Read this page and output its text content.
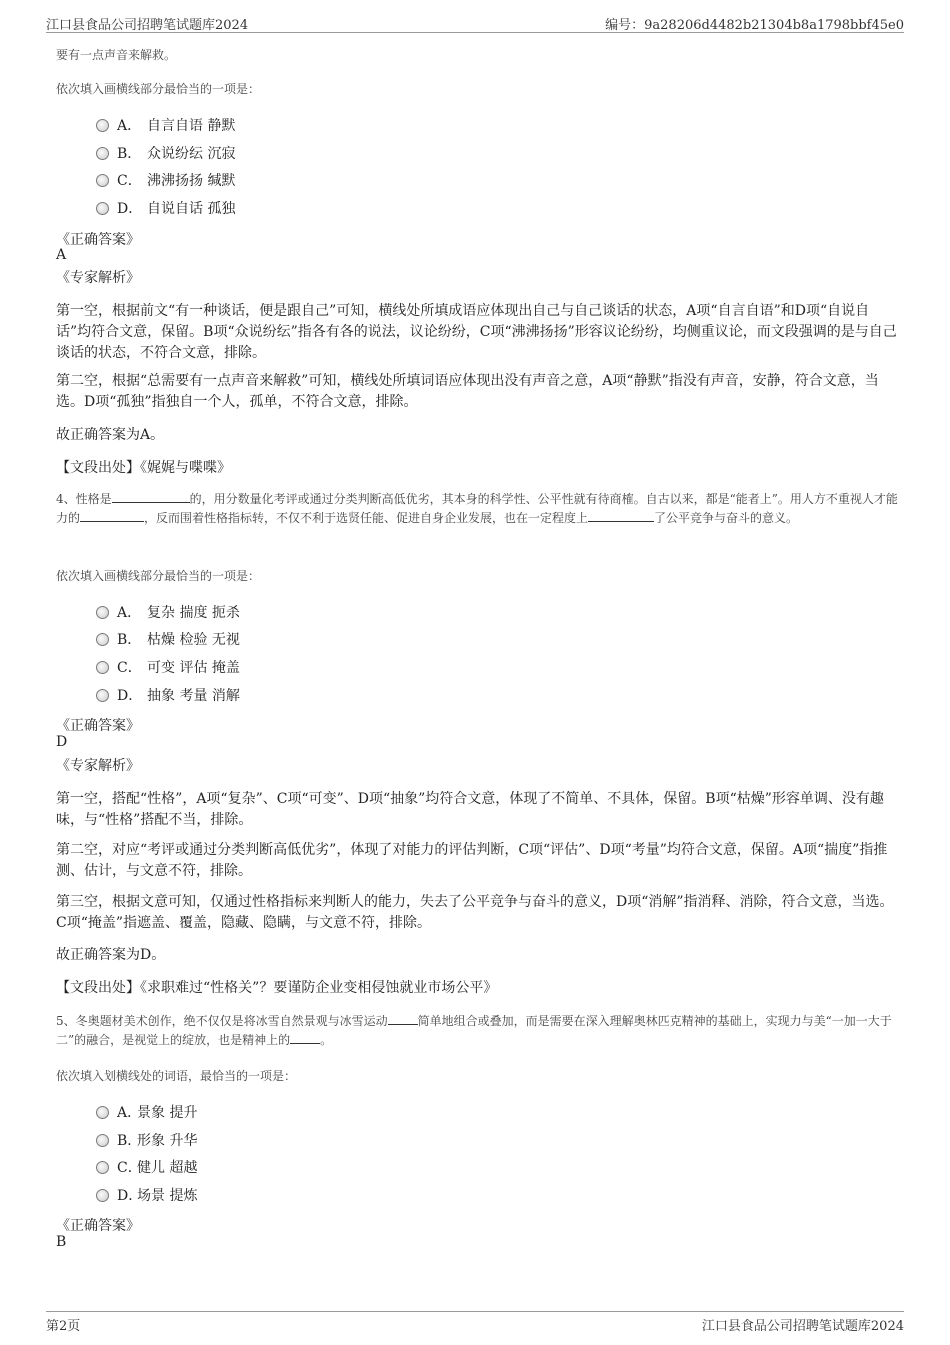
江口县食品公司招聘笔试题库2024	编号：9a28206d4482b21304b8a1798bbf45e0
要有一点声音来解救。
依次填入画横线部分最恰当的一项是：
A． 自言自语 静默
B． 众说纷纭 沉寂
C． 沸沸扬扬 缄默
D． 自说自话 孤独
《正确答案》
A
《专家解析》
第一空，根据前文“有一种谈话，便是跟自己”可知，横线处所填成语应体现出自己与自己谈话的状态，A项“自言自语”和D项“自说自话”均符合文意，保留。B项“众说纷纭”指各有各的说法，议论纷纷，C项“沸沸扬扬”形容议论纷纷，均侧重议论，而文段强调的是与自己谈话的状态，不符合文意，排除。
第二空，根据“总需要有一点声音来解救”可知，横线处所填词语应体现出没有声音之意，A项“静默”指没有声音，安静，符合文意，当选。D项“孤独”指独自一个人，孤单，不符合文意，排除。
故正确答案为A。
【文段出处】《娓娓与喋喋》
4、性格是	的，用分数量化考评或通过分类判断高低优劣，其本身的科学性、公平性就有待商榷。自古以来，都是“能者上”。用人方不重视人才能力的	，反而围着性格指标转，不仅不利于选贤任能、促进自身企业发展，也在一定程度上	了公平竞争与奋斗的意义。
依次填入画横线部分最恰当的一项是：
A． 复杂 揣度 扼杀
B． 枯燥 检验 无视
C． 可变 评估 掩盖
D． 抽象 考量 消解
《正确答案》
D
《专家解析》
第一空，搭配“性格”，A项“复杂”、C项“可变”、D项“抽象”均符合文意，体现了不简单、不具体，保留。B项“枯燥”形容单调、没有趣味，与“性格”搭配不当，排除。
第二空，对应“考评或通过分类判断高低优劣”，体现了对能力的评估判断，C项“评估”、D项“考量”均符合文意，保留。A项“揣度”指推测、估计，与文意不符，排除。
第三空，根据文意可知，仅通过性格指标来判断人的能力，失去了公平竞争与奋斗的意义，D项“消解”指消释、消除，符合文意，当选。C项“掩盖”指遮盖、覆盖，隐藏、隐瞒，与文意不符，排除。
故正确答案为D。
【文段出处】《求职难过“性格关”？要谨防企业变相侵蚀就业市场公平》
5、冬奥题材美术创作，绝不仅仅是将冰雪自然景观与冰雪运动	简单地组合或叠加，而是需要在深入理解奥林匹克精神的基础上，实现力与美“一加一大于二”的融合，是视觉上的绽放，也是精神上的	。
依次填入划横线处的词语，最恰当的一项是：
A．景象 提升
B．形象 升华
C．健儿 超越
D．场景 提炼
《正确答案》
B
第2页	江口县食品公司招聘笔试题库2024
